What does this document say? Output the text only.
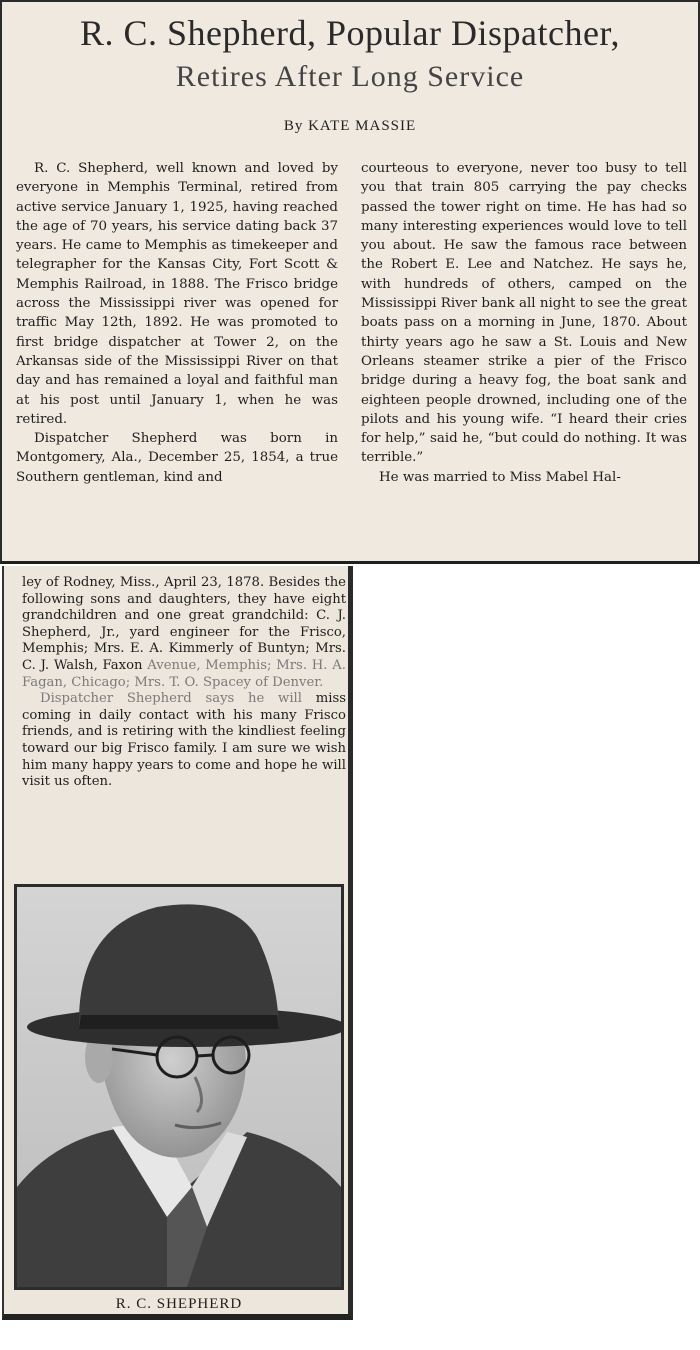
R. C. Shepherd, Popular Dispatcher,
Retires After Long Service
By KATE MASSIE

R. C. Shepherd, well known and loved by everyone in Memphis Terminal, retired from active service January 1, 1925, having reached the age of 70 years, his service dating back 37 years. He came to Memphis as timekeeper and telegrapher for the Kansas City, Fort Scott & Memphis Railroad, in 1888. The Frisco bridge across the Mississippi river was opened for traffic May 12th, 1892. He was promoted to first bridge dispatcher at Tower 2, on the Arkansas side of the Mississippi River on that day and has remained a loyal and faithful man at his post until January 1, when he was retired.

Dispatcher Shepherd was born in Montgomery, Ala., December 25, 1854, a true Southern gentleman, kind and

courteous to everyone, never too busy to tell you that train 805 carrying the pay checks passed the tower right on time. He has had so many interesting experiences would love to tell you about. He saw the famous race between the Robert E. Lee and Natchez. He says he, with hundreds of others, camped on the Mississippi River bank all night to see the great boats pass on a morning in June, 1870. About thirty years ago he saw a St. Louis and New Orleans steamer strike a pier of the Frisco bridge during a heavy fog, the boat sank and eighteen people drowned, including one of the pilots and his young wife. “I heard their cries for help,” said he, “but could do nothing. It was terrible.”

He was married to Miss Mabel Hal-

ley of Rodney, Miss., April 23, 1878. Besides the following sons and daughters, they have eight grandchildren and one great grandchild: C. J. Shepherd, Jr., yard engineer for the Frisco, Memphis; Mrs. E. A. Kimmerly of Buntyn; Mrs. C. J. Walsh, Faxon Avenue, Memphis; Mrs. H. A. Fagan, Chicago; Mrs. T. O. Spacey of Denver.

Dispatcher Shepherd says he will miss coming in daily contact with his many Frisco friends, and is retiring with the kindliest feeling toward our big Frisco family. I am sure we wish him many happy years to come and hope he will visit us often.

R. C. SHEPHERD
